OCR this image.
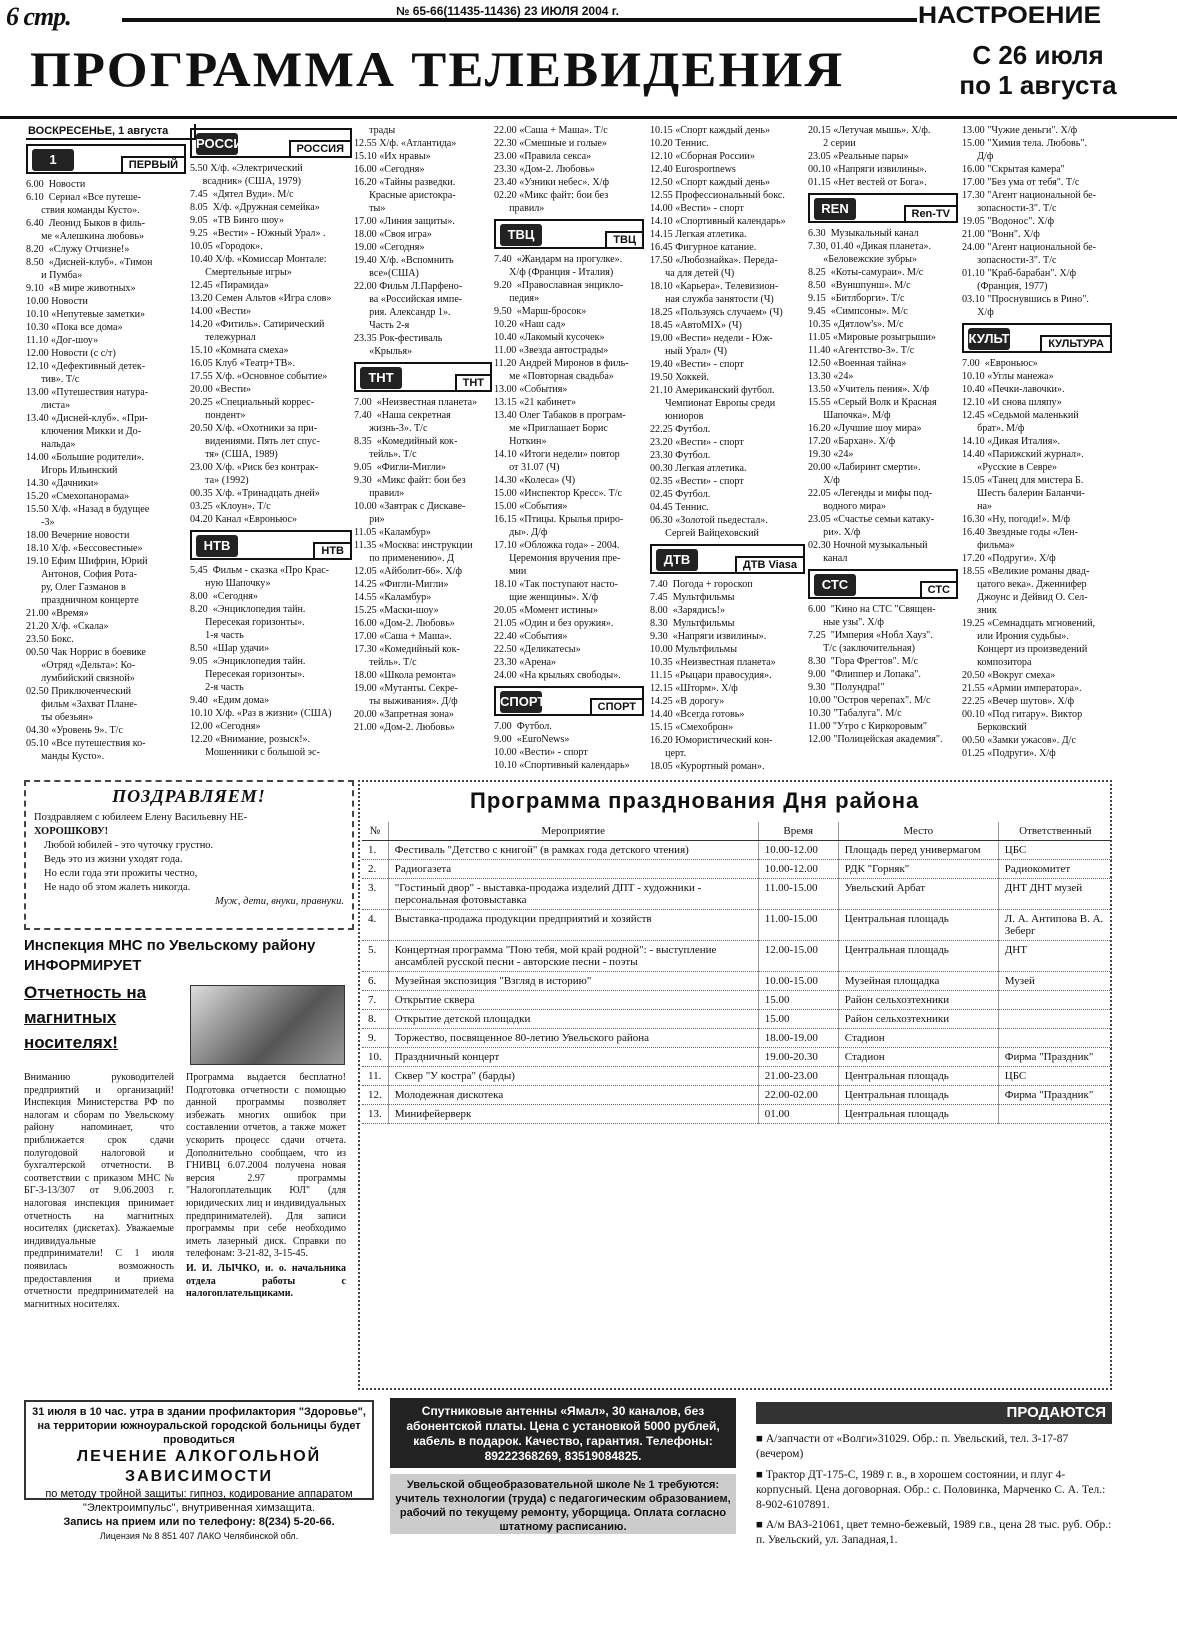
6 стр.	№ 65-66(11435-11436) 23 ИЮЛЯ 2004 г.	НАСТРОЕНИЕ
ПРОГРАММА ТЕЛЕВИДЕНИЯ	С 26 июля
по 1 августа
ВОСКРЕСЕНЬЕ, 1 августа
1	ПЕРВЫЙ
6.00  Новости
6.10  Сериал «Все путеше-
ствия команды Кусто».
6.40  Леонид Быков в филь-
ме «Алешкина любовь»
8.20  «Служу Отчизне!»
8.50  «Дисней-клуб». «Тимон
и Пумба»
9.10  «В мире животных»
10.00 Новости
10.10 «Непутевые заметки»
10.30 «Пока все дома»
11.10 «Дог-шоу»
12.00 Новости (с с/т)
12.10 «Дефективный детек-
тив». Т/с
13.00 «Путешествия натура-
листа»
13.40 «Дисней-клуб». «При-
ключения Микки и До-
нальда»
14.00 «Большие родители».
Игорь Ильинский
14.30 «Дачники»
15.20 «Смехопанорама»
15.50 Х/ф. «Назад в будущее
-3»
18.00 Вечерние новости
18.10 Х/ф. «Бессовестные»
19.10 Ефим Шифрин, Юрий
Антонов, София Рота-
ру, Олег Газманов в
праздничном концерте
21.00 «Время»
21.20 Х/ф. «Скала»
23.50 Бокс.
00.50 Чак Норрис в боевике
«Отряд «Дельта»: Ко-
лумбийский связной»
02.50 Приключенческий
фильм «Захват Плане-
ты обезьян»
04.30 «Уровень 9». Т/с
05.10 «Все путешествия ко-
манды Кусто».
РОССИЯ	РОССИЯ
5.50 Х/ф. «Электрический
всадник» (США, 1979)
7.45  «Дятел Вуди». М/с
8.05  Х/ф. «Дружная семейка»
9.05  «ТВ Бинго шоу»
9.25  «Вести» - Южный Урал» .
10.05 «Городок».
10.40 Х/ф. «Комиссар Монтале:
Смертельные игры»
12.45 «Пирамида»
13.20 Семен Альтов «Игра слов»
14.00 «Вести»
14.20 «Фитиль». Сатирический
тележурнал
15.10 «Комната смеха»
16.05 Клуб «Театр+ТВ».
17.55 Х/ф. «Основное событие»
20.00 «Вести»
20.25 «Специальный коррес-
пондент»
20.50 Х/ф. «Охотники за при-
видениями. Пять лет спус-
тя» (США, 1989)
23.00 Х/ф. «Риск без контрак-
та» (1992)
00.35 Х/ф. «Тринадцать дней»
03.25 «Клоун». Т/с
04.20 Канал «Евроньюс»
НТВ	НТВ
5.45  Фильм - сказка «Про Крас-
ную Шапочку»
8.00  «Сегодня»
8.20  «Энциклопедия тайн.
Пересекая горизонты».
1-я часть
8.50  «Шар удачи»
9.05  «Энциклопедия тайн.
Пересекая горизонты».
2-я часть
9.40  «Едим дома»
10.10 Х/ф. «Раз в жизни» (США)
12.00 «Сегодня»
12.20 «Внимание, розыск!».
Мошенники с большой эс-
трады
12.55 Х/ф. «Атлантида»
15.10 «Их нравы»
16.00 «Сегодня»
16.20 «Тайны разведки.
Красные аристокра-
ты»
17.00 «Линия защиты».
18.00 «Своя игра»
19.00 «Сегодня»
19.40 Х/ф. «Вспомнить
все»(США)
22.00 Фильм Л.Парфено-
ва «Российская импе-
рия. Александр 1».
Часть 2-я
23.35 Рок-фестиваль
«Крылья»
ТНТ	ТНТ
7.00  «Неизвестная планета»
7.40  «Наша секретная
жизнь-3». Т/с
8.35  «Комедийный кок-
тейль». Т/с
9.05  «Фигли-Мигли»
9.30  «Микс файт: бои без
правил»
10.00 «Завтрак с Дискаве-
ри»
11.05 «Каламбур»
11.35 «Москва: инструкции
по применению». Д
12.05 «Айболит-66». Х/ф
14.25 «Фигли-Мигли»
14.55 «Каламбур»
15.25 «Маски-шоу»
16.00 «Дом-2. Любовь»
17.00 «Саша + Маша».
17.30 «Комедийный кок-
тейль». Т/с
18.00 «Школа ремонта»
19.00 «Мутанты. Секре-
ты выживания». Д/ф
20.00 «Запретная зона»
21.00 «Дом-2. Любовь»
22.00 «Саша + Маша». Т/с
22.30 «Смешные и голые»
23.00 «Правила секса»
23.30 «Дом-2. Любовь»
23.40 «Узники небес». Х/ф
02.20 «Микс файт: бои без
правил»
ТВЦ	ТВЦ
7.40  «Жандарм на прогулке».
Х/ф (Франция - Италия)
9.20  «Православная энцикло-
педия»
9.50  «Марш-бросок»
10.20 «Наш сад»
10.40 «Лакомый кусочек»
11.00 «Звезда автострады»
11.20 Андрей Миронов в филь-
ме «Повторная свадьба»
13.00 «События»
13.15 «21 кабинет»
13.40 Олег Табаков в програм-
ме «Приглашает Борис
Ноткин»
14.10 «Итоги недели» повтор
от 31.07 (Ч)
14.30 «Колеса» (Ч)
15.00 «Инспектор Кресс». Т/с
15.00 «События»
16.15 «Птицы. Крылья приро-
ды». Д/ф
17.10 «Обложка года» - 2004.
Церемония вручения пре-
мии
18.10 «Так поступают насто-
щие женщины». Х/ф
20.05 «Момент истины»
21.05 «Один и без оружия».
22.40 «События»
22.50 «Деликатесы»
23.30 «Арена»
24.00 «На крыльях свободы».
СПОРТ	СПОРТ
7.00  Футбол.
9.00  «EuroNews»
10.00 «Вести» - спорт
10.10 «Спортивный календарь»
10.15 «Спорт каждый день»
10.20 Теннис.
12.10 «Сборная России»
12.40 Eurosportnews
12.50 «Спорт каждый день»
12.55 Профессиональный бокс.
14.00 «Вести» - спорт
14.10 «Спортивный календарь»
14.15 Легкая атлетика.
16.45 Фигурное катание.
17.50 «Любознайка». Переда-
ча для детей (Ч)
18.10 «Карьера». Телевизион-
ная служба занятости (Ч)
18.25 «Пользуясь случаем» (Ч)
18.45 «АвтоMIX» (Ч)
19.00 «Вести» недели - Юж-
ный Урал» (Ч)
19.40 «Вести» - спорт
19.50 Хоккей.
21.10 Американский футбол.
Чемпионат Европы среди
юниоров
22.25 Футбол.
23.20 «Вести» - спорт
23.30 Футбол.
00.30 Легкая атлетика.
02.35 «Вести» - спорт
02.45 Футбол.
04.45 Теннис.
06.30 «Золотой пьедестал».
Сергей Вайцеховский
ДТВ	ДТВ Viasa
7.40  Погода + гороскоп
7.45  Мультфильмы
8.00  «Зарядись!»
8.30  Мультфильмы
9.30  «Напряги извилины».
10.00 Мультфильмы
10.35 «Неизвестная планета»
11.15 «Рыцари правосудия».
12.15 «Шторм». Х/ф
14.25 «В дорогу»
14.40 «Всегда готовь»
15.15 «Смехоброн»
16.20 Юмористический кон-
церт.
18.05 «Курортный роман».
20.15 «Летучая мышь». Х/ф.
2 серии
23.05 «Реальные пары»
00.10 «Напряги извилины».
01.15 «Нет вестей от Бога».
REN	Ren-TV
6.30  Музыкальный канал
7.30, 01.40 «Дикая планета».
«Беловежские зубры»
8.25  «Коты-самураи». М/с
8.50  «Вуншпунш». М/с
9.15  «Битлборги». Т/с
9.45  «Симпсоны». М/с
10.35 «Дятлоw's». М/с
11.05 «Мировые розыгрыши»
11.40 «Агентство-3». Т/с
12.50 «Военная тайна»
13.30 «24»
13.50 «Учитель пения». Х/ф
15.55 «Серый Волк и Красная
Шапочка». М/ф
16.20 «Лучшие шоу мира»
17.20 «Бархан». Х/ф
19.30 «24»
20.00 «Лабиринт смерти».
Х/ф
22.05 «Легенды и мифы под-
водного мира»
23.05 «Счастье семьи катаку-
ри». Х/ф
02.30 Ночной музыкальный
канал
СТС	СТС
6.00  "Кино на СТС "Священ-
ные узы". Х/ф
7.25  "Империя «Нобл Хауз".
Т/с (заключительная)
8.30  "Гора Фрегтов". М/с
9.00  "Флиппер и Лопака".
9.30  "Полундра!"
10.00 "Остров черепах". М/с
10.30 "Табалуга". М/с
11.00 "Утро с Киркоровым"
12.00 "Полицейская академия".
13.00 "Чужие деньги". Х/ф
15.00 "Химия тела. Любовь".
Д/ф
16.00 "Скрытая камера"
17.00 "Без ума от тебя". Т/с
17.30 "Агент национальной бе-
зопасности-3". Т/с
19.05 "Водонос". Х/ф
21.00 "Вонн". Х/ф
24.00 "Агент национальной бе-
зопасности-3". Т/с
01.10 "Краб-барабан". Х/ф
(Франция, 1977)
03.10 "Проснувшись в Рино".
Х/ф
КУЛЬТ	КУЛЬТУРА
7.00  «Евроньюс»
10.10 «Углы манежа»
10.40 «Печки-лавочки».
12.10 «И снова шляпу»
12.45 «Седьмой маленький
брат». М/ф
14.10 «Дикая Италия».
14.40 «Парижский журнал».
«Русские в Севре»
15.05 «Танец для мистера Б.
Шесть балерин Баланчи-
на»
16.30 «Ну, погоди!». М/ф
16.40 Звездные годы «Лен-
фильма»
17.20 «Подруги». Х/ф
18.55 «Великие романы двад-
цатого века». Дженнифер
Джоунс и Дейвид О. Сел-
зник
19.25 «Семнадцать мгновений,
или Ирония судьбы».
Концерт из произведений
композитора
20.50 «Вокруг смеха»
21.55 «Армии императора».
22.25 «Вечер шутов». Х/ф
00.10 «Под гитару». Виктор
Берковский
00.50 «Замки ужасов». Д/с
01.25 «Подруги». Х/ф
ПОЗДРАВЛЯЕМ!
Поздравляем с юбилеем Елену Васильевну НЕ-
ХОРОШКОВУ!
Любой юбилей - это чуточку грустно.
Ведь это из жизни уходят года.
Но если года эти прожиты честно,
Не надо об этом жалеть никогда.
Муж, дети, внуки, правнуки.
Инспекция МНС по Увельскому району ИНФОРМИРУЕТ
Отчетность на магнитных носителях!
Вниманию руководителей предприятий и организаций! Инспекция Министерства РФ по налогам и сборам по Увельскому району напоминает, что приближается срок сдачи полугодовой налоговой и бухгалтерской отчетности. В соответствии с приказом МНС № БГ-3-13/307 от 9.06.2003 г. налоговая инспекция принимает отчетность на магнитных носителях (дискетах). Уважаемые индивидуальные предприниматели! С 1 июля появилась возможность предоставления и приема отчетности предпринимателей на магнитных носителях.
Программа выдается бесплатно! Подготовка отчетности с помощью данной программы позволяет избежать многих ошибок при составлении отчетов, а также может ускорить процесс сдачи отчета. Дополнительно сообщаем, что из ГНИВЦ 6.07.2004 получена новая версия 2.97 программы "Налогоплательщик ЮЛ" (для юридических лиц и индивидуальных предпринимателей). Для записи программы при себе необходимо иметь лазерный диск. Справки по телефонам: 3-21-82, 3-15-45.
И. И. ЛЫЧКО, и. о. начальника отдела работы с налогоплательщиками.
Программа празднования Дня района
№	Мероприятие	Время	Место	Ответственный
1.	Фестиваль "Детство с книгой" (в рамках года детского чтения)	10.00-12.00	Площадь перед универмагом	ЦБС
2.	Радиогазета	10.00-12.00	РДК "Горняк"	Радиокомитет
3.	"Гостиный двор" - выставка-продажа изделий ДПТ - художники - персональная фотовыставка	11.00-15.00	Увельский Арбат	ДНТ ДНТ музей
4.	Выставка-продажа продукции предприятий и хозяйств	11.00-15.00	Центральная площадь	Л. А. Антипова В. А. Зеберг
5.	Концертная программа "Пою тебя, мой край родной": - выступление ансамблей русской песни - авторские песни - поэты	12.00-15.00	Центральная площадь	ДНТ
6.	Музейная экспозиция "Взгляд в историю"	10.00-15.00	Музейная площадка	Музей
7.	Открытие сквера	15.00	Район сельхозтехники	
8.	Открытие детской площадки	15.00	Район сельхозтехники	
9.	Торжество, посвященное 80-летию Увельского района	18.00-19.00	Стадион	
10.	Праздничный концерт	19.00-20.30	Стадион	Фирма "Праздник"
11.	Сквер "У костра" (барды)	21.00-23.00	Центральная площадь	ЦБС
12.	Молодежная дискотека	22.00-02.00	Центральная площадь	Фирма "Праздник"
13.	Минифейерверк	01.00	Центральная площадь	
31 июля в 10 час. утра в здании профилактория "Здоровье", на территории южноуральской городской больницы будет проводиться
ЛЕЧЕНИЕ АЛКОГОЛЬНОЙ ЗАВИСИМОСТИ
по методу тройной защиты: гипноз, кодирование аппаратом "Электроимпульс", внутривенная химзащита.
Запись на прием или по телефону: 8(234) 5-20-66.
Лицензия № 8 851 407 ЛАКО Челябинской обл.
Спутниковые антенны «Ямал», 30 каналов, без абонентской платы. Цена с установкой 5000 рублей, кабель в подарок. Качество, гарантия. Телефоны: 89222368269, 83519084825.
Увельской общеобразовательной школе № 1 требуются: учитель технологии (труда) с педагогическим образованием, рабочий по текущему ремонту, уборщица. Оплата согласно штатному расписанию.
ПРОДАЮТСЯ
■ А/запчасти от «Волги»31029. Обр.: п. Увельский, тел. 3-17-87 (вечером)
■ Трактор ДТ-175-С, 1989 г. в., в хорошем состоянии, и плуг 4-корпусный. Цена договорная. Обр.: с. Половинка, Марченко С. А. Тел.: 8-902-6107891.
■ А/м ВАЗ-21061, цвет темно-бежевый, 1989 г.в., цена 28 тыс. руб. Обр.: п. Увельский, ул. Западная,1.
